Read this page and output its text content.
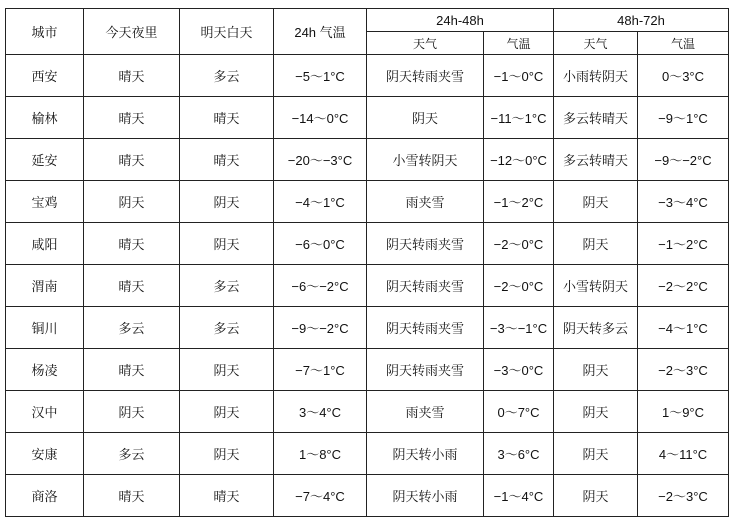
城市	今天夜里	明天白天	24h 气温	24h-48h		48h-72h	
				天气	气温	天气	气温
西安	晴天	多云	−5～1°C	阴天转雨夹雪	−1～0°C	小雨转阴天	0～3°C
榆林	晴天	晴天	−14～0°C	阴天	−11～1°C	多云转晴天	−9～1°C
延安	晴天	晴天	−20～−3°C	小雪转阴天	−12～0°C	多云转晴天	−9～−2°C
宝鸡	阴天	阴天	−4～1°C	雨夹雪	−1～2°C	阴天	−3～4°C
咸阳	晴天	阴天	−6～0°C	阴天转雨夹雪	−2～0°C	阴天	−1～2°C
渭南	晴天	多云	−6～−2°C	阴天转雨夹雪	−2～0°C	小雪转阴天	−2～2°C
铜川	多云	多云	−9～−2°C	阴天转雨夹雪	−3～−1°C	阴天转多云	−4～1°C
杨凌	晴天	阴天	−7～1°C	阴天转雨夹雪	−3～0°C	阴天	−2～3°C
汉中	阴天	阴天	3～4°C	雨夹雪	0～7°C	阴天	1～9°C
安康	多云	阴天	1～8°C	阴天转小雨	3～6°C	阴天	4～11°C
商洛	晴天	晴天	−7～4°C	阴天转小雨	−1～4°C	阴天	−2～3°C
